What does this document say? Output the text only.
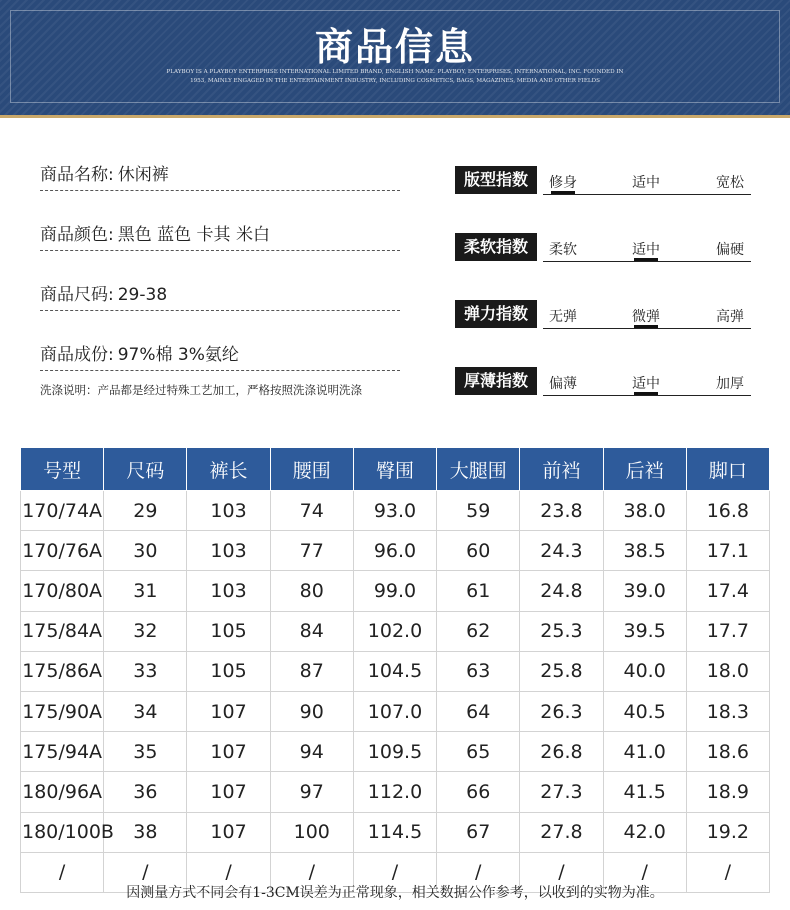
商品信息
PLAYBOY IS A PLAYBOY ENTERPRISE INTERNATIONAL LIMITED BRAND, ENGLISH NAME: PLAYBOY, ENTERPRISES, INTERNATIONAL, INC. FOUNDED IN 1953, MAINLY ENGAGED IN THE ENTERTAINMENT INDUSTRY, INCLUDING COSMETICS, BAGS, MAGAZINES, MEDIA AND OTHER FIELDS
商品名称: 休闲裤
商品颜色: 黑色 蓝色 卡其 米白
商品尺码: 29-38
商品成份: 97%棉 3%氨纶
洗涤说明：产品都是经过特殊工艺加工，严格按照洗涤说明洗涤
版型指数	修身	适中	宽松
柔软指数	柔软	适中	偏硬
弹力指数	无弹	微弹	高弹
厚薄指数	偏薄	适中	加厚
号型	尺码	裤长	腰围	臀围	大腿围	前裆	后裆	脚口
170/74A	29	103	74	93.0	59	23.8	38.0	16.8
170/76A	30	103	77	96.0	60	24.3	38.5	17.1
170/80A	31	103	80	99.0	61	24.8	39.0	17.4
175/84A	32	105	84	102.0	62	25.3	39.5	17.7
175/86A	33	105	87	104.5	63	25.8	40.0	18.0
175/90A	34	107	90	107.0	64	26.3	40.5	18.3
175/94A	35	107	94	109.5	65	26.8	41.0	18.6
180/96A	36	107	97	112.0	66	27.3	41.5	18.9
180/100B	38	107	100	114.5	67	27.8	42.0	19.2
/	/	/	/	/	/	/	/	/
因测量方式不同会有1-3CM误差为正常现象，相关数据公作参考，以收到的实物为准。
